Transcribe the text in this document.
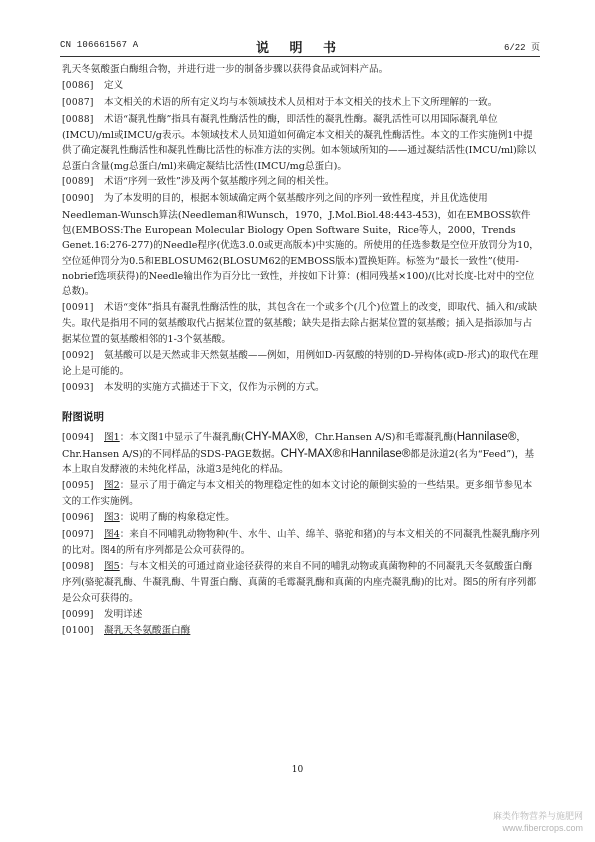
CN 106661567 A	说 明 书	6/22 页
乳天冬氨酸蛋白酶组合物，并进行进一步的制备步骤以获得食品或饲料产品。
[0086] 定义
[0087] 本文相关的术语的所有定义均与本领域技术人员相对于本文相关的技术上下文所理解的一致。
[0088] 术语“凝乳性酶”指具有凝乳性酶活性的酶，即活性的凝乳性酶。凝乳活性可以用国际凝乳单位(IMCU)/ml或IMCU/g表示。本领域技术人员知道如何确定本文相关的凝乳性酶活性。本文的工作实施例1中提供了确定凝乳性酶活性和凝乳性酶比活性的标准方法的实例。如本领域所知的——通过凝结活性(IMCU/ml)除以总蛋白含量(mg总蛋白/ml)来确定凝结比活性(IMCU/mg总蛋白)。
[0089] 术语“序列一致性”涉及两个氨基酸序列之间的相关性。
[0090] 为了本发明的目的，根据本领域确定两个氨基酸序列之间的序列一致性程度，并且优选使用Needleman-Wunsch算法(Needleman和Wunsch，1970，J.Mol.Biol.48:443-453)，如在EMBOSS软件包(EMBOSS:The European Molecular Biology Open Software Suite，Rice等人，2000，Trends Genet.16:276-277)的Needle程序(优选3.0.0或更高版本)中实施的。所使用的任选参数是空位开放罚分为10，空位延伸罚分为0.5和EBLOSUM62(BLOSUM62的EMBOSS版本)置换矩阵。标签为“最长一致性”(使用-nobrief选项获得)的Needle输出作为百分比一致性，并按如下计算：(相同残基×100)/(比对长度-比对中的空位总数)。
[0091] 术语“变体”指具有凝乳性酶活性的肽，其包含在一个或多个(几个)位置上的改变，即取代、插入和/或缺失。取代是指用不同的氨基酸取代占据某位置的氨基酸；缺失是指去除占据某位置的氨基酸；插入是指添加与占据某位置的氨基酸相邻的1-3个氨基酸。
[0092] 氨基酸可以是天然或非天然氨基酸——例如，用例如D-丙氨酸的特别的D-异构体(或D-形式)的取代在理论上是可能的。
[0093] 本发明的实施方式描述于下文，仅作为示例的方式。
附图说明
[0094] 图1：本文图1中显示了牛凝乳酶(CHY-MAX®，Chr.Hansen A/S)和毛霉凝乳酶(Hannilase®，Chr.Hansen A/S)的不同样品的SDS-PAGE数据。CHY-MAX®和Hannilase®都是泳道2(名为“Feed”)，基本上取自发酵液的未纯化样品，泳道3是纯化的样品。
[0095] 图2：显示了用于确定与本文相关的物理稳定性的如本文讨论的颠倒实验的一些结果。更多细节参见本文的工作实施例。
[0096] 图3：说明了酶的构象稳定性。
[0097] 图4：来自不同哺乳动物物种(牛、水牛、山羊、绵羊、骆驼和猪)的与本文相关的不同凝乳性凝乳酶序列的比对。图4的所有序列都是公众可获得的。
[0098] 图5：与本文相关的可通过商业途径获得的来自不同的哺乳动物或真菌物种的不同凝乳天冬氨酸蛋白酶序列(骆驼凝乳酶、牛凝乳酶、牛胃蛋白酶、真菌的毛霉凝乳酶和真菌的内座壳凝乳酶)的比对。图5的所有序列都是公众可获得的。
[0099] 发明详述
[0100] 凝乳天冬氨酸蛋白酶
10
麻类作物营养与施肥网
www.fibercrops.com
